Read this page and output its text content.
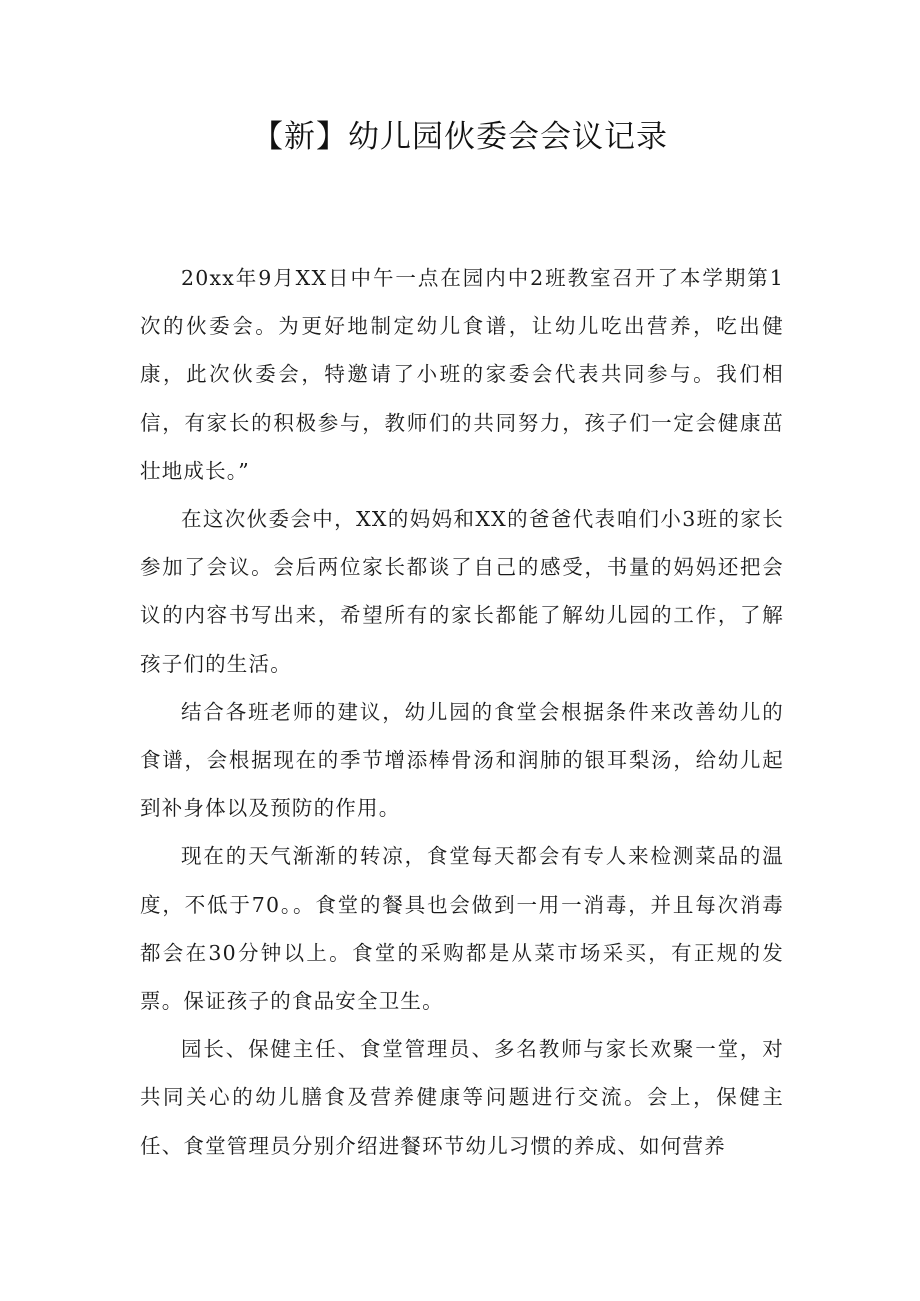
【新】幼儿园伙委会会议记录

20xx年9月XX日中午一点在园内中2班教室召开了本学期第1次的伙委会。为更好地制定幼儿食谱，让幼儿吃出营养，吃出健康，此次伙委会，特邀请了小班的家委会代表共同参与。我们相信，有家长的积极参与，教师们的共同努力，孩子们一定会健康茁壮地成长。”

在这次伙委会中，XX的妈妈和XX的爸爸代表咱们小3班的家长参加了会议。会后两位家长都谈了自己的感受，书量的妈妈还把会议的内容书写出来，希望所有的家长都能了解幼儿园的工作，了解孩子们的生活。

结合各班老师的建议，幼儿园的食堂会根据条件来改善幼儿的食谱，会根据现在的季节增添棒骨汤和润肺的银耳梨汤，给幼儿起到补身体以及预防的作用。

现在的天气渐渐的转凉，食堂每天都会有专人来检测菜品的温度，不低于70。。食堂的餐具也会做到一用一消毒，并且每次消毒都会在30分钟以上。食堂的采购都是从菜市场采买，有正规的发票。保证孩子的食品安全卫生。

园长、保健主任、食堂管理员、多名教师与家长欢聚一堂，对共同关心的幼儿膳食及营养健康等问题进行交流。会上，保健主任、食堂管理员分别介绍进餐环节幼儿习惯的养成、如何营养
